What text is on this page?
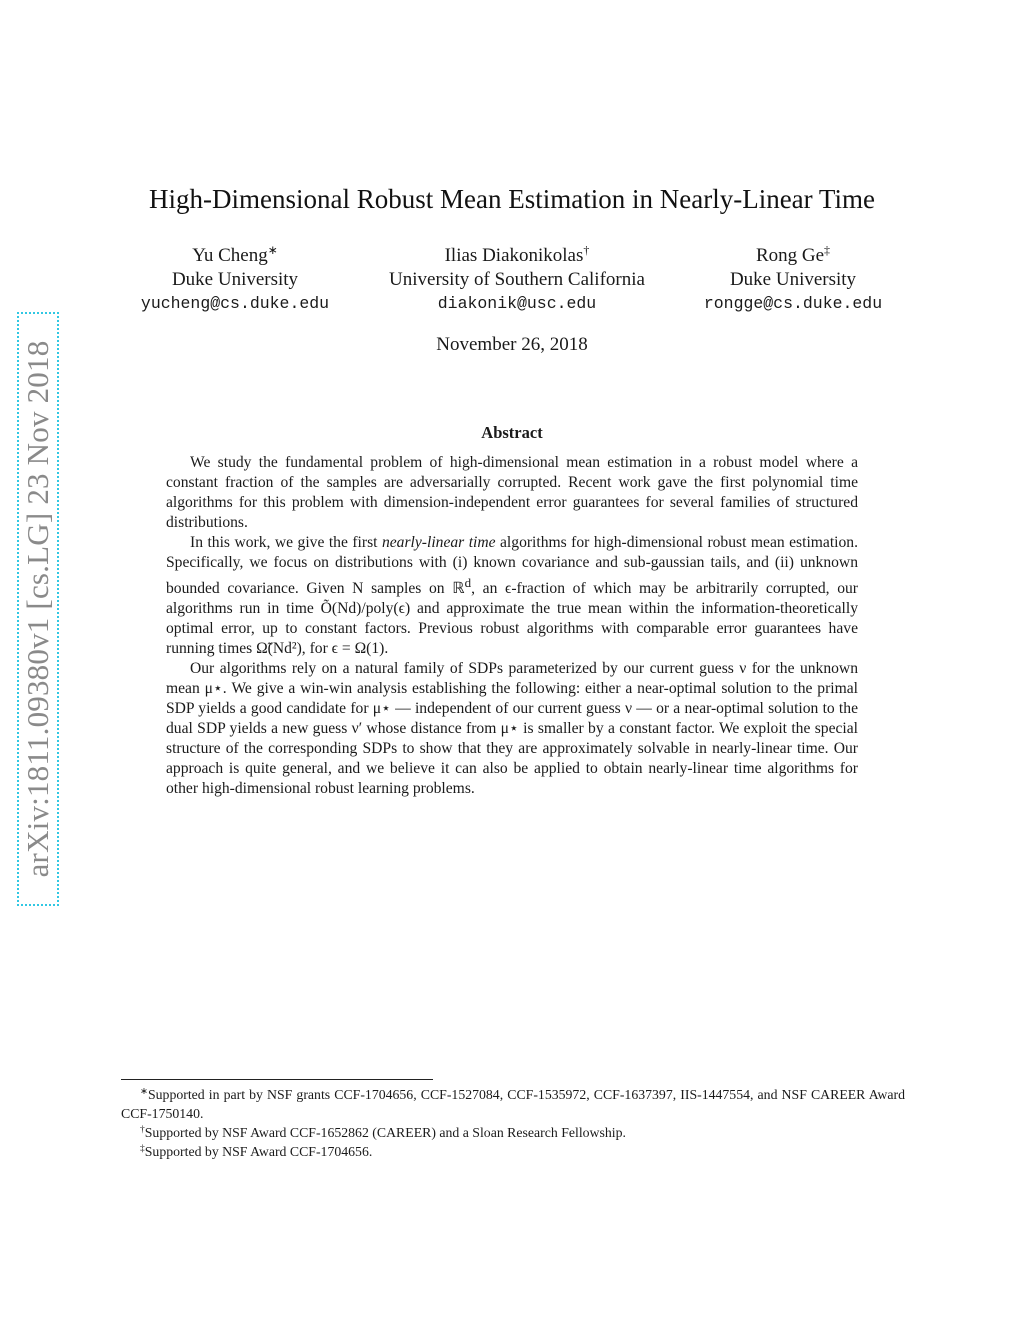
arXiv:1811.09380v1 [cs.LG] 23 Nov 2018
High-Dimensional Robust Mean Estimation in Nearly-Linear Time
Yu Cheng∗
Duke University
yucheng@cs.duke.edu
Ilias Diakonikolas†
University of Southern California
diakonik@usc.edu
Rong Ge‡
Duke University
rongge@cs.duke.edu
November 26, 2018
Abstract

We study the fundamental problem of high-dimensional mean estimation in a robust model where a constant fraction of the samples are adversarially corrupted. Recent work gave the first polynomial time algorithms for this problem with dimension-independent error guarantees for several families of structured distributions.

In this work, we give the first nearly-linear time algorithms for high-dimensional robust mean estimation. Specifically, we focus on distributions with (i) known covariance and sub-gaussian tails, and (ii) unknown bounded covariance. Given N samples on ℝ$^d$, an ϵ-fraction of which may be arbitrarily corrupted, our algorithms run in time Õ(Nd)/poly(ϵ) and approximate the true mean within the information-theoretically optimal error, up to constant factors. Previous robust algorithms with comparable error guarantees have running times Ω̃(Nd²), for ϵ = Ω(1).

Our algorithms rely on a natural family of SDPs parameterized by our current guess ν for the unknown mean μ⋆. We give a win-win analysis establishing the following: either a near-optimal solution to the primal SDP yields a good candidate for μ⋆ — independent of our current guess ν — or a near-optimal solution to the dual SDP yields a new guess ν′ whose distance from μ⋆ is smaller by a constant factor. We exploit the special structure of the corresponding SDPs to show that they are approximately solvable in nearly-linear time. Our approach is quite general, and we believe it can also be applied to obtain nearly-linear time algorithms for other high-dimensional robust learning problems.

∗Supported in part by NSF grants CCF-1704656, CCF-1527084, CCF-1535972, CCF-1637397, IIS-1447554, and NSF CAREER Award CCF-1750140.

†Supported by NSF Award CCF-1652862 (CAREER) and a Sloan Research Fellowship.

‡Supported by NSF Award CCF-1704656.
